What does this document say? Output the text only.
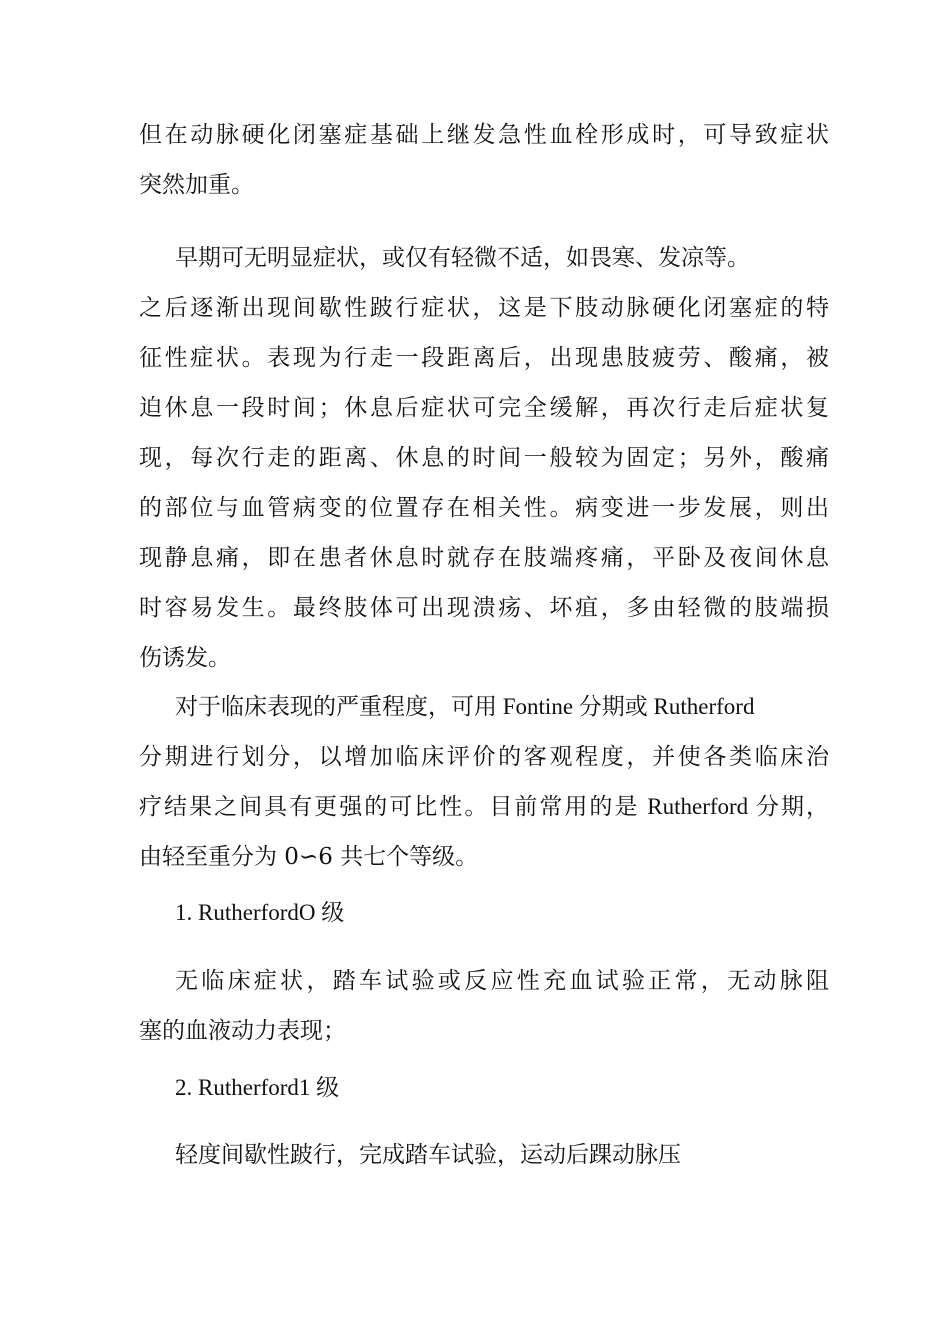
但在动脉硬化闭塞症基础上继发急性血栓形成时，可导致症状
突然加重。
早期可无明显症状，或仅有轻微不适，如畏寒、发凉等。
之后逐渐出现间歇性跛行症状，这是下肢动脉硬化闭塞症的特
征性症状。表现为行走一段距离后，出现患肢疲劳、酸痛，被
迫休息一段时间；休息后症状可完全缓解，再次行走后症状复
现，每次行走的距离、休息的时间一般较为固定；另外，酸痛
的部位与血管病变的位置存在相关性。病变进一步发展，则出
现静息痛，即在患者休息时就存在肢端疼痛，平卧及夜间休息
时容易发生。最终肢体可出现溃疡、坏疽，多由轻微的肢端损
伤诱发。
对于临床表现的严重程度，可用 Fontine 分期或 Rutherford
分期进行划分，以增加临床评价的客观程度，并使各类临床治
疗结果之间具有更强的可比性。目前常用的是 Rutherford 分期，
由轻至重分为 0∽6 共七个等级。
1. RutherfordO 级
无临床症状，踏车试验或反应性充血试验正常，无动脉阻
塞的血液动力表现；
2. Rutherford1 级
轻度间歇性跛行，完成踏车试验，运动后踝动脉压
